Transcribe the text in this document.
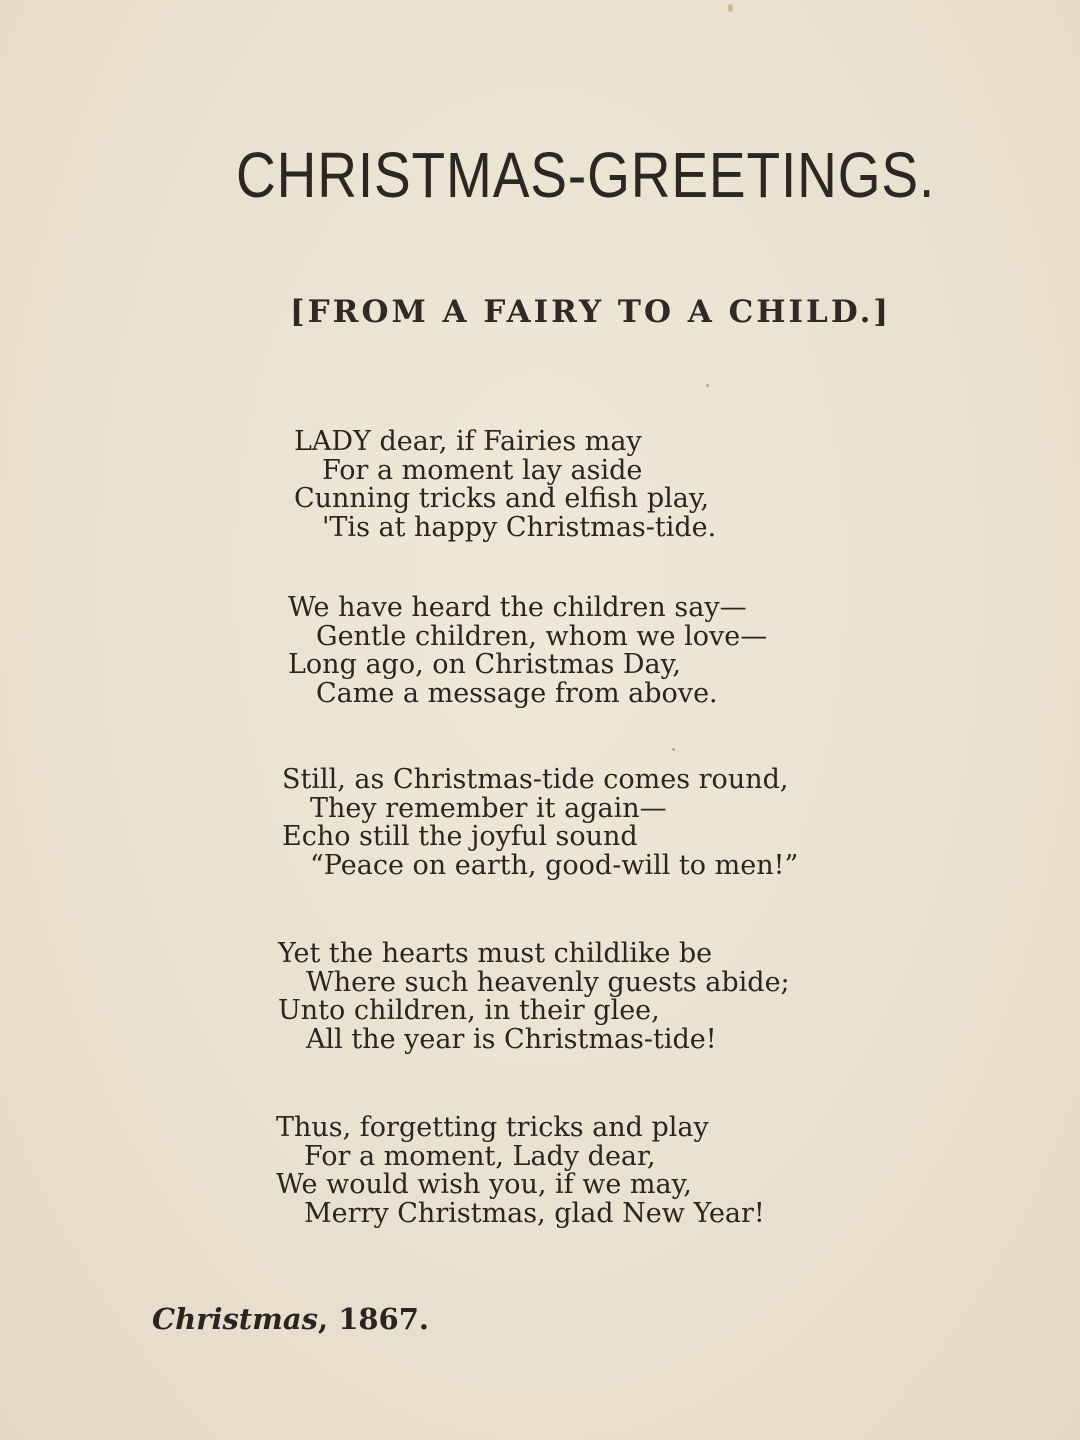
CHRISTMAS-GREETINGS.
[FROM A FAIRY TO A CHILD.]

LADY dear, if Fairies may
For a moment lay aside
Cunning tricks and elfish play,
'Tis at happy Christmas-tide.

We have heard the children say—
Gentle children, whom we love—
Long ago, on Christmas Day,
Came a message from above.

Still, as Christmas-tide comes round,
They remember it again—
Echo still the joyful sound
“Peace on earth, good-will to men!”

Yet the hearts must childlike be
Where such heavenly guests abide;
Unto children, in their glee,
All the year is Christmas-tide!

Thus, forgetting tricks and play
For a moment, Lady dear,
We would wish you, if we may,
Merry Christmas, glad New Year!

Christmas, 1867.
